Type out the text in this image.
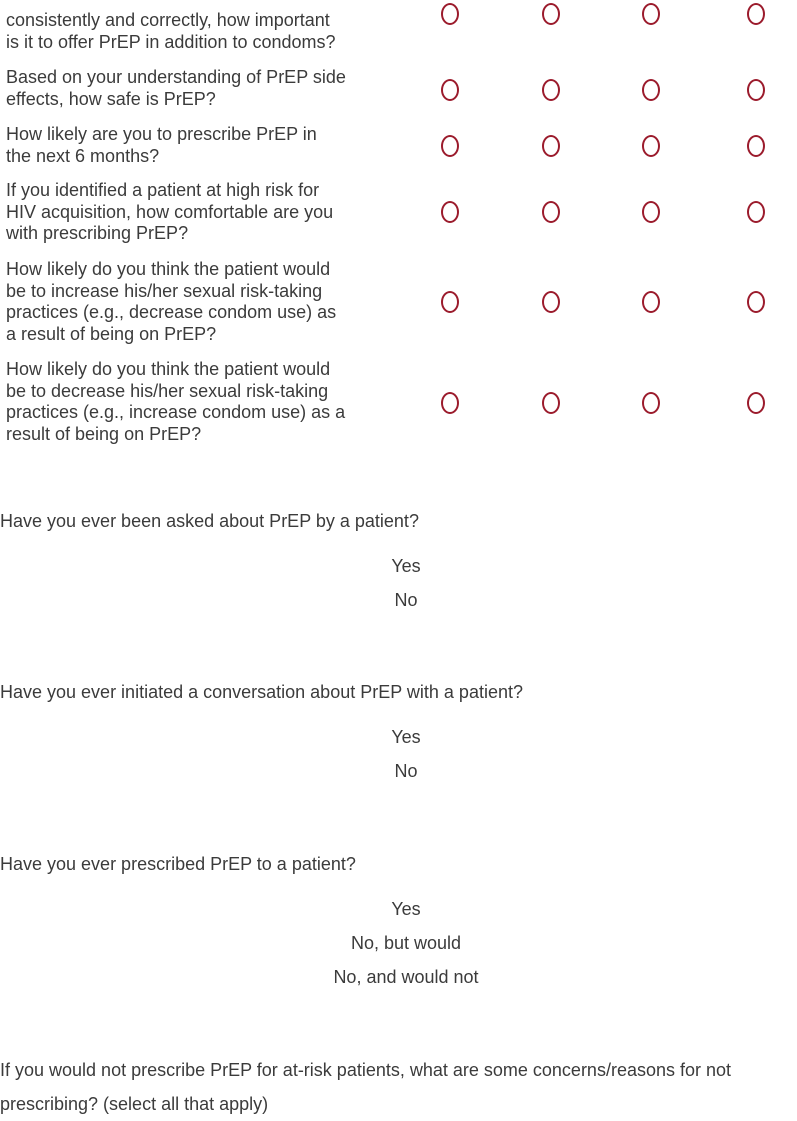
consistently and correctly, how important
is it to offer PrEP in addition to condoms?
Based on your understanding of PrEP side
effects, how safe is PrEP?
How likely are you to prescribe PrEP in
the next 6 months?
If you identified a patient at high risk for
HIV acquisition, how comfortable are you
with prescribing PrEP?
How likely do you think the patient would
be to increase his/her sexual risk-taking
practices (e.g., decrease condom use) as
a result of being on PrEP?
How likely do you think the patient would
be to decrease his/her sexual risk-taking
practices (e.g., increase condom use) as a
result of being on PrEP?
Have you ever been asked about PrEP by a patient?
Yes
No
Have you ever initiated a conversation about PrEP with a patient?
Yes
No
Have you ever prescribed PrEP to a patient?
Yes
No, but would
No, and would not
If you would not prescribe PrEP for at-risk patients, what are some concerns/reasons for not prescribing? (select all that apply)
